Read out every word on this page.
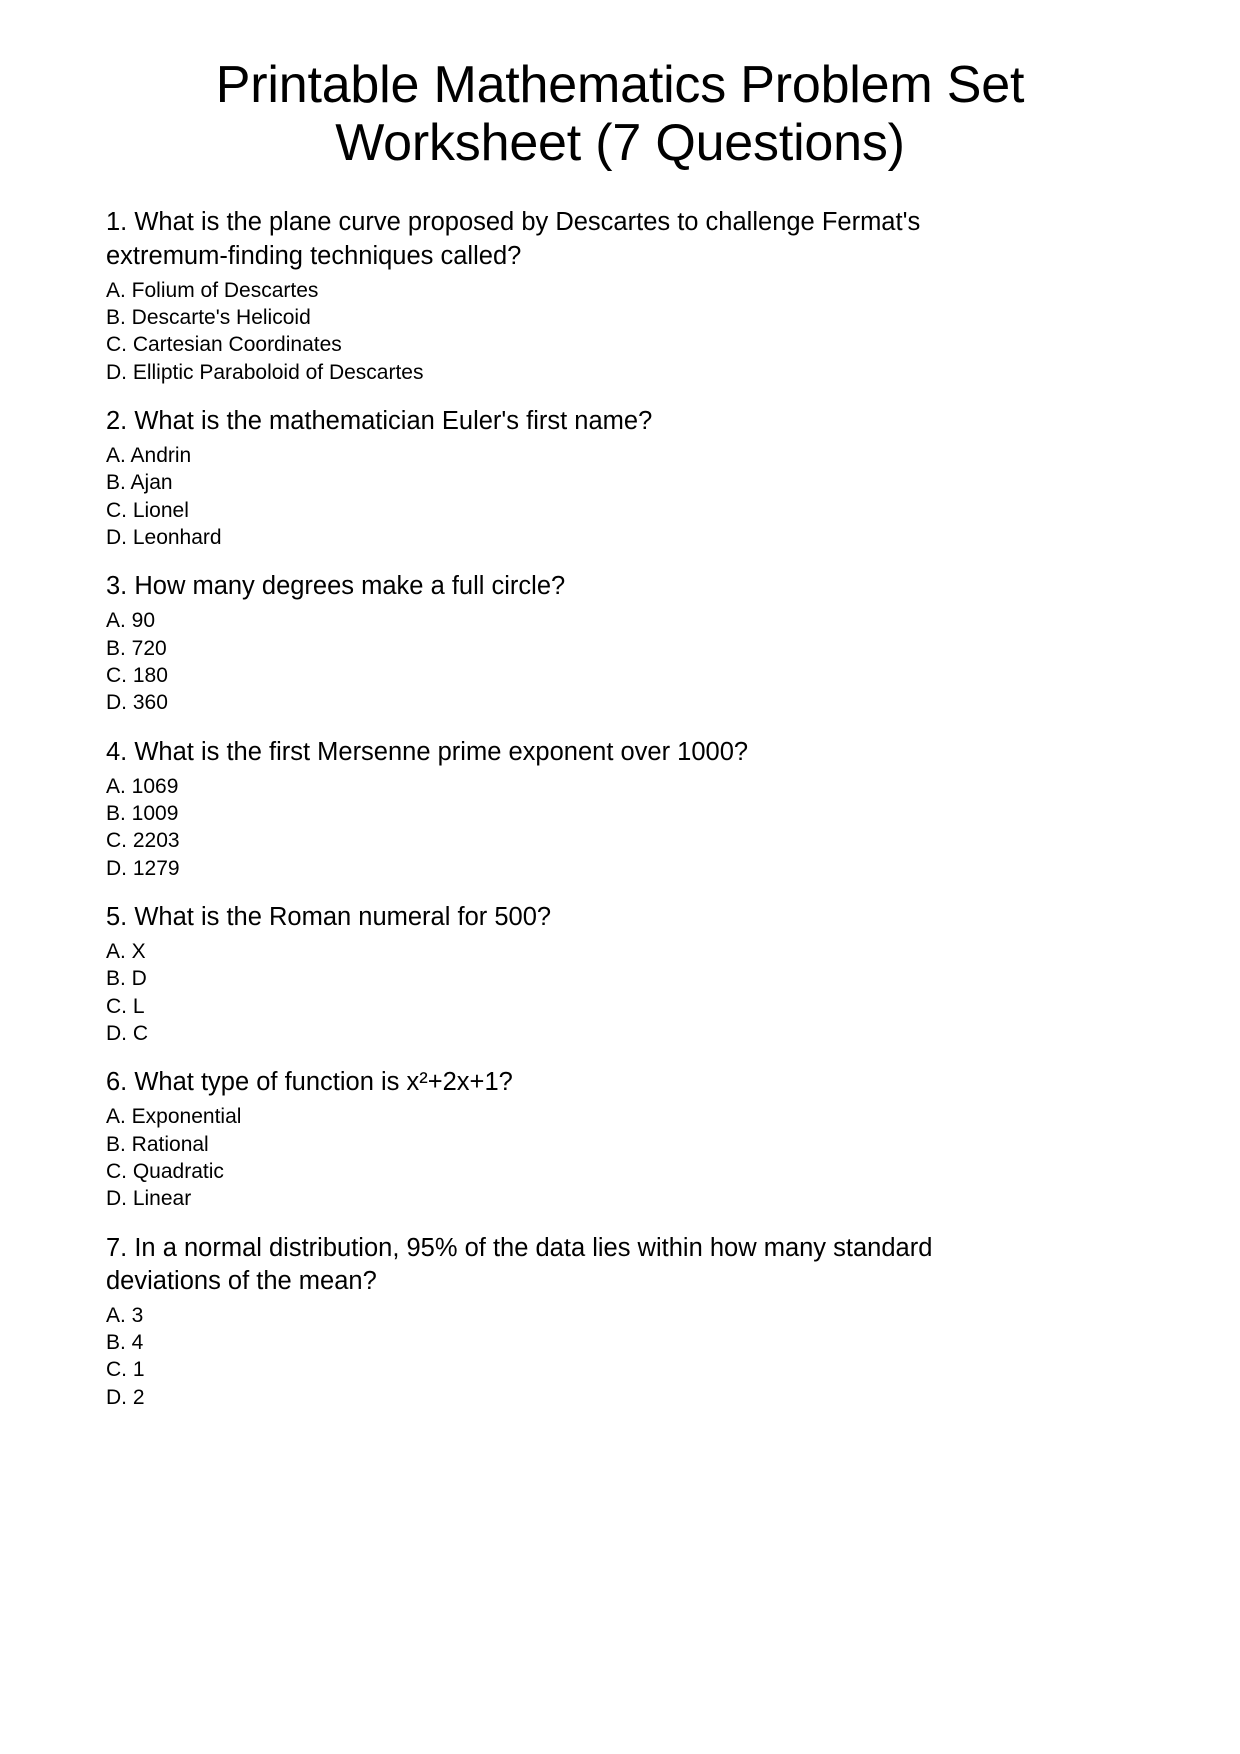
Printable Mathematics Problem Set Worksheet (7 Questions)

1. What is the plane curve proposed by Descartes to challenge Fermat's extremum-finding techniques called?

A. Folium of Descartes
B. Descarte's Helicoid
C. Cartesian Coordinates
D. Elliptic Paraboloid of Descartes

2. What is the mathematician Euler's first name?

A. Andrin
B. Ajan
C. Lionel
D. Leonhard

3. How many degrees make a full circle?

A. 90
B. 720
C. 180
D. 360

4. What is the first Mersenne prime exponent over 1000?

A. 1069
B. 1009
C. 2203
D. 1279

5. What is the Roman numeral for 500?

A. X
B. D
C. L
D. C

6. What type of function is x²+2x+1?

A. Exponential
B. Rational
C. Quadratic
D. Linear

7. In a normal distribution, 95% of the data lies within how many standard deviations of the mean?

A. 3
B. 4
C. 1
D. 2
